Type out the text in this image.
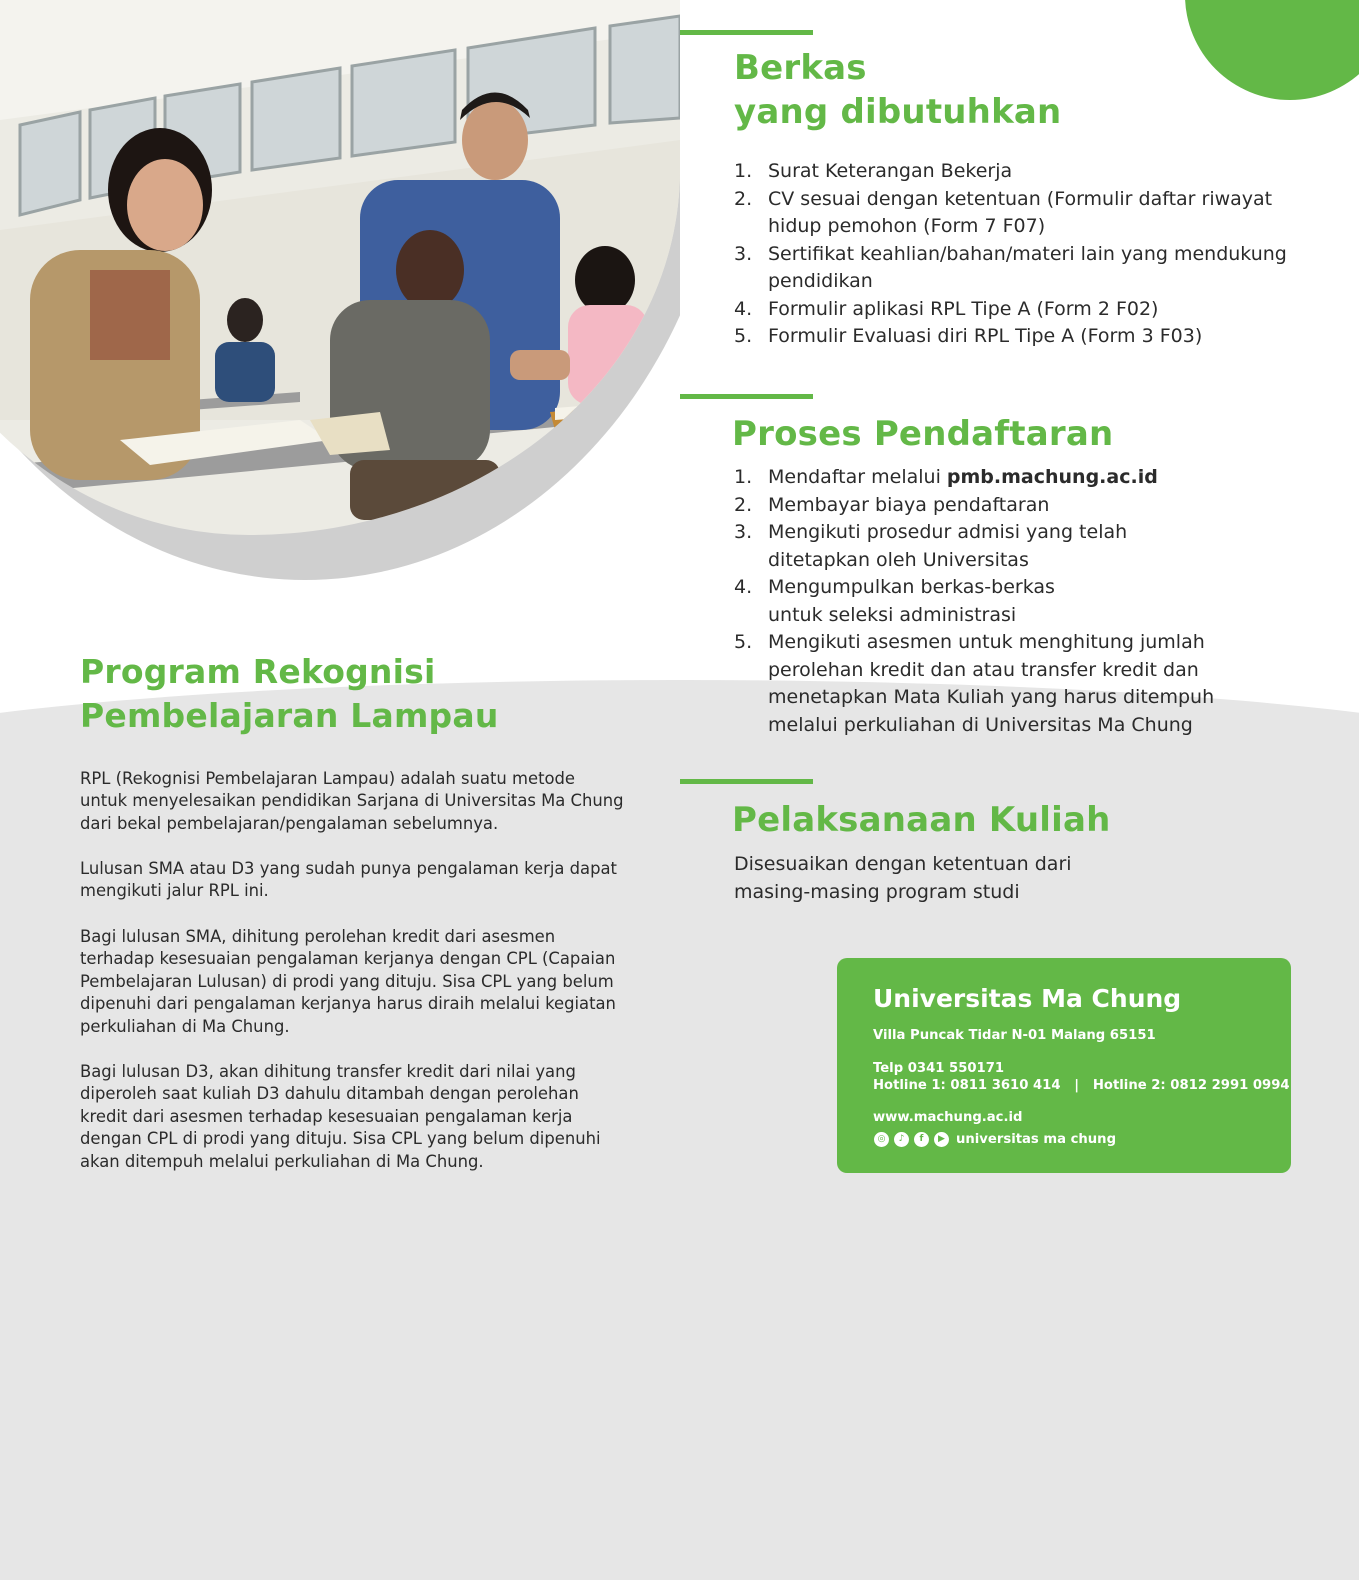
Berkas
yang dibutuhkan
1. Surat Keterangan Bekerja
2. CV sesuai dengan ketentuan (Formulir daftar riwayat
hidup pemohon (Form 7 F07)
3. Sertifikat keahlian/bahan/materi lain yang mendukung
pendidikan
4. Formulir aplikasi RPL Tipe A (Form 2 F02)
5. Formulir Evaluasi diri RPL Tipe A (Form 3 F03)
Proses Pendaftaran
1. Mendaftar melalui pmb.machung.ac.id
2. Membayar biaya pendaftaran
3. Mengikuti prosedur admisi yang telah
ditetapkan oleh Universitas
4. Mengumpulkan berkas-berkas
untuk seleksi administrasi
5. Mengikuti asesmen untuk menghitung jumlah
perolehan kredit dan atau transfer kredit dan
menetapkan Mata Kuliah yang harus ditempuh
melalui perkuliahan di Universitas Ma Chung
Pelaksanaan Kuliah
Disesuaikan dengan ketentuan dari
masing-masing program studi
Program Rekognisi
Pembelajaran Lampau
RPL (Rekognisi Pembelajaran Lampau) adalah suatu metode
untuk menyelesaikan pendidikan Sarjana di Universitas Ma Chung
dari bekal pembelajaran/pengalaman sebelumnya.
Lulusan SMA atau D3 yang sudah punya pengalaman kerja dapat
mengikuti jalur RPL ini.
Bagi lulusan SMA, dihitung perolehan kredit dari asesmen
terhadap kesesuaian pengalaman kerjanya dengan CPL (Capaian
Pembelajaran Lulusan) di prodi yang dituju. Sisa CPL yang belum
dipenuhi dari pengalaman kerjanya harus diraih melalui kegiatan
perkuliahan di Ma Chung.
Bagi lulusan D3, akan dihitung transfer kredit dari nilai yang
diperoleh saat kuliah D3 dahulu ditambah dengan perolehan
kredit dari asesmen terhadap kesesuaian pengalaman kerja
dengan CPL di prodi yang dituju. Sisa CPL yang belum dipenuhi
akan ditempuh melalui perkuliahan di Ma Chung.
Universitas Ma Chung
Villa Puncak Tidar N-01 Malang 65151
Telp 0341 550171
Hotline 1: 0811 3610 414   |   Hotline 2: 0812 2991 0994
www.machung.ac.id
◎	♪	f	▶ universitas ma chung
